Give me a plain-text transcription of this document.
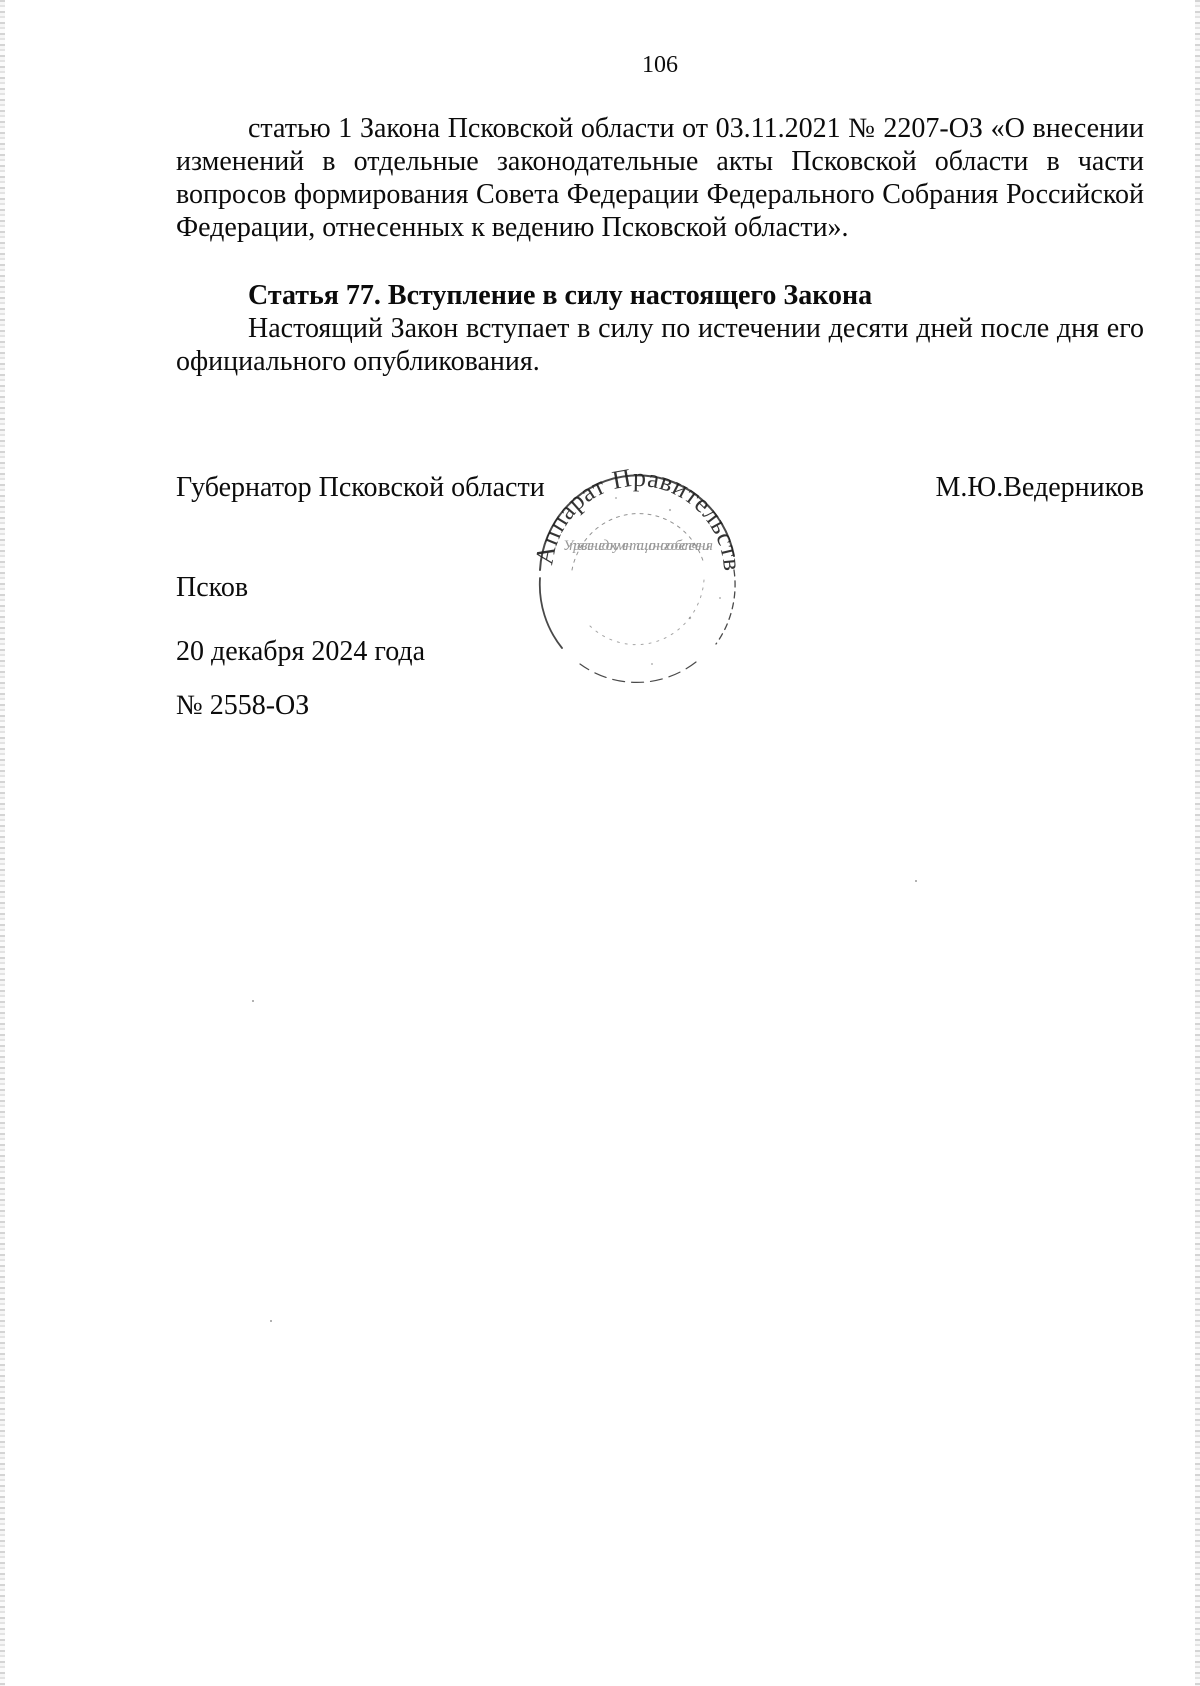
106

статью 1 Закона Псковской области от 03.11.2021 № 2207-ОЗ «О внесении изменений в отдельные законодательные акты Псковской области в части вопросов формирования Совета Федерации Федерального Собрания Российской Федерации, отнесенных к ведению Псковской области».

Статья 77. Вступление в силу настоящего Закона

Настоящий Закон вступает в силу по истечении десяти дней после дня его официального опубликования.

Губернатор Псковской области	М.Ю.Ведерников
Псков
20 декабря 2024 года
№ 2558-ОЗ
Аппарат Правительств
Управление документационного обеспечения
